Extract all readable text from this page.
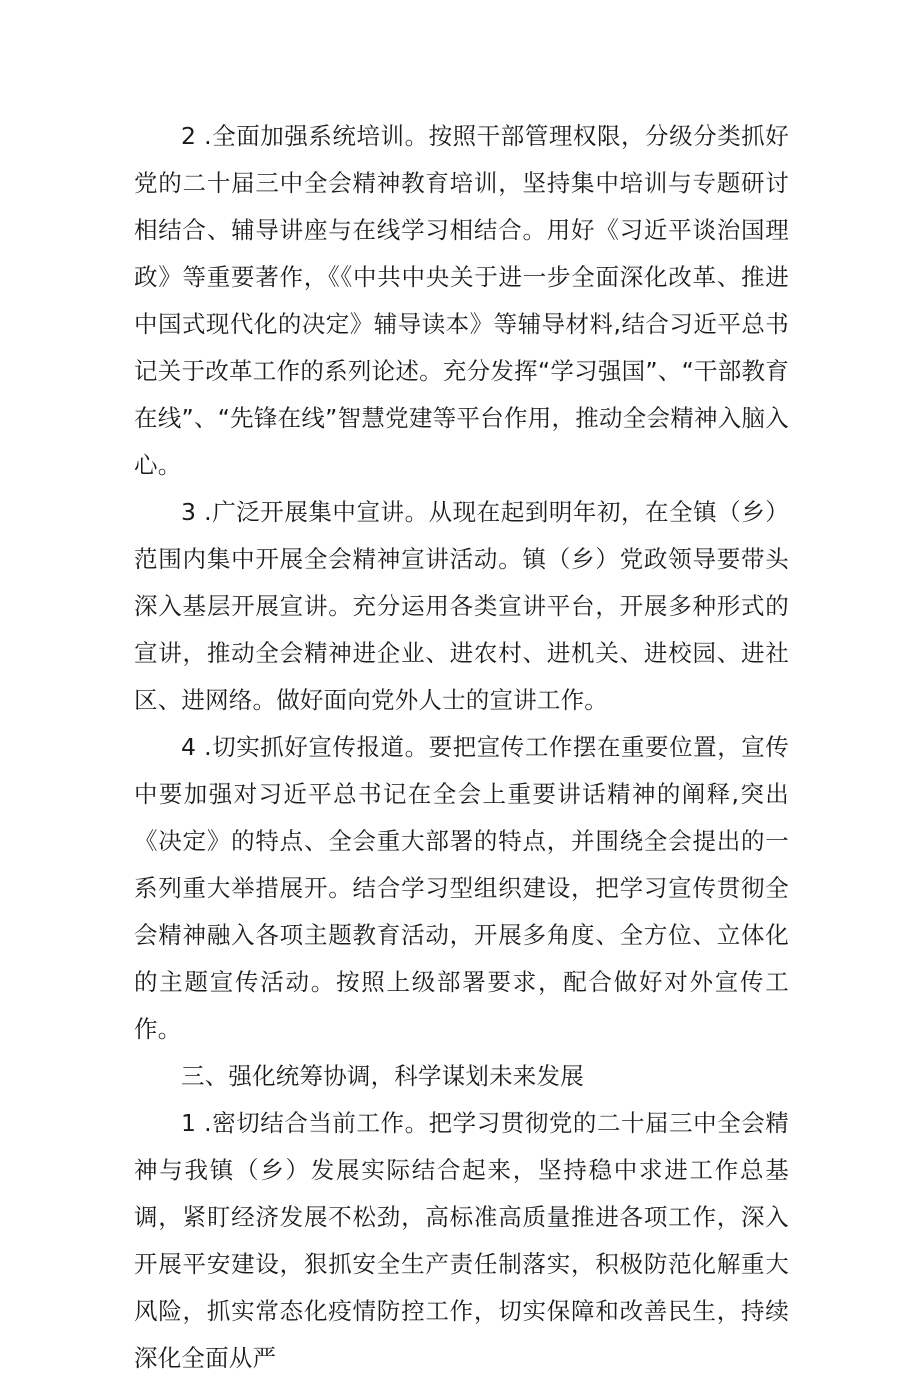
2 .全面加强系统培训。按照干部管理权限，分级分类抓好党的二十届三中全会精神教育培训，坚持集中培训与专题研讨相结合、辅导讲座与在线学习相结合。用好《习近平谈治国理政》等重要著作，《《中共中央关于进一步全面深化改革、推进中国式现代化的决定》辅导读本》等辅导材料,结合习近平总书记关于改革工作的系列论述。充分发挥“学习强国”、“干部教育在线”、“先锋在线”智慧党建等平台作用，推动全会精神入脑入心。

3 .广泛开展集中宣讲。从现在起到明年初，在全镇（乡）范围内集中开展全会精神宣讲活动。镇（乡）党政领导要带头深入基层开展宣讲。充分运用各类宣讲平台，开展多种形式的宣讲，推动全会精神进企业、进农村、进机关、进校园、进社区、进网络。做好面向党外人士的宣讲工作。

4 .切实抓好宣传报道。要把宣传工作摆在重要位置，宣传中要加强对习近平总书记在全会上重要讲话精神的阐释,突出《决定》的特点、全会重大部署的特点，并围绕全会提出的一系列重大举措展开。结合学习型组织建设，把学习宣传贯彻全会精神融入各项主题教育活动，开展多角度、全方位、立体化的主题宣传活动。按照上级部署要求，配合做好对外宣传工作。

三、强化统筹协调，科学谋划未来发展

1 .密切结合当前工作。把学习贯彻党的二十届三中全会精神与我镇（乡）发展实际结合起来，坚持稳中求进工作总基调，紧盯经济发展不松劲，高标准高质量推进各项工作，深入开展平安建设，狠抓安全生产责任制落实，积极防范化解重大风险，抓实常态化疫情防控工作，切实保障和改善民生，持续深化全面从严
